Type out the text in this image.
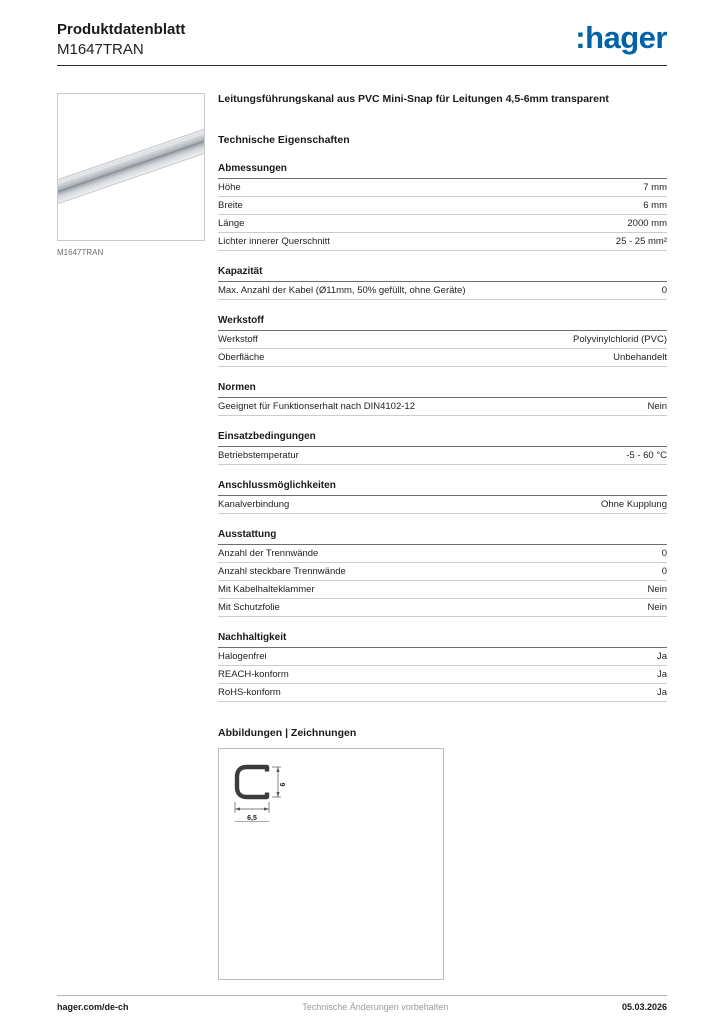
Produktdatenblatt
M1647TRAN	:hager
M1647TRAN
Leitungsführungskanal aus PVC Mini-Snap für Leitungen 4,5-6mm transparent
Technische Eigenschaften
Abmessungen
Höhe	7 mm
Breite	6 mm
Länge	2000 mm
Lichter innerer Querschnitt	25 - 25 mm²
Kapazität
Max. Anzahl der Kabel (Ø11mm, 50% gefüllt, ohne Geräte)	0
Werkstoff
Werkstoff	Polyvinylchlorid (PVC)
Oberfläche	Unbehandelt
Normen
Geeignet für Funktionserhalt nach DIN4102-12	Nein
Einsatzbedingungen
Betriebstemperatur	-5 - 60 °C
Anschlussmöglichkeiten
Kanalverbindung	Ohne Kupplung
Ausstattung
Anzahl der Trennwände	0
Anzahl steckbare Trennwände	0
Mit Kabelhalteklammer	Nein
Mit Schutzfolie	Nein
Nachhaltigkeit
Halogenfrei	Ja
REACH-konform	Ja
RoHS-konform	Ja
Abbildungen | Zeichnungen
6,5
6
hager.com/de-ch	Technische Änderungen vorbehalten	05.03.2026
